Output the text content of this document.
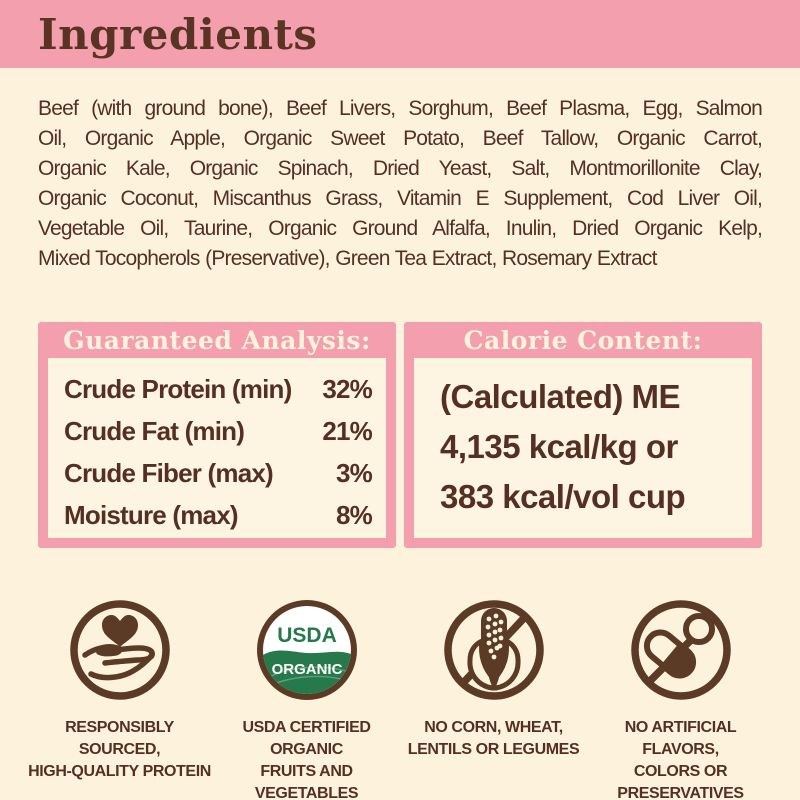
Ingredients
Beef (with ground bone), Beef Livers, Sorghum, Beef Plasma, Egg, Salmon
Oil, Organic Apple, Organic Sweet Potato, Beef Tallow, Organic Carrot,
Organic Kale, Organic Spinach, Dried Yeast, Salt, Montmorillonite Clay,
Organic Coconut, Miscanthus Grass, Vitamin E Supplement, Cod Liver Oil,
Vegetable Oil, Taurine, Organic Ground Alfalfa, Inulin, Dried Organic Kelp,
Mixed Tocopherols (Preservative), Green Tea Extract, Rosemary Extract
Guaranteed Analysis:
Crude Protein (min) 32%
Crude Fat (min)	21%
Crude Fiber (max) 3%
Moisture (max)	8%
Calorie Content:
(Calculated) ME
4,135 kcal/kg or
383 kcal/vol cup
RESPONSIBLY SOURCED,
HIGH-QUALITY PROTEIN
USDA
ORGANIC
USDA CERTIFIED ORGANIC
FRUITS AND VEGETABLES
NO CORN, WHEAT,
LENTILS OR LEGUMES
NO ARTIFICIAL FLAVORS,
COLORS OR PRESERVATIVES
